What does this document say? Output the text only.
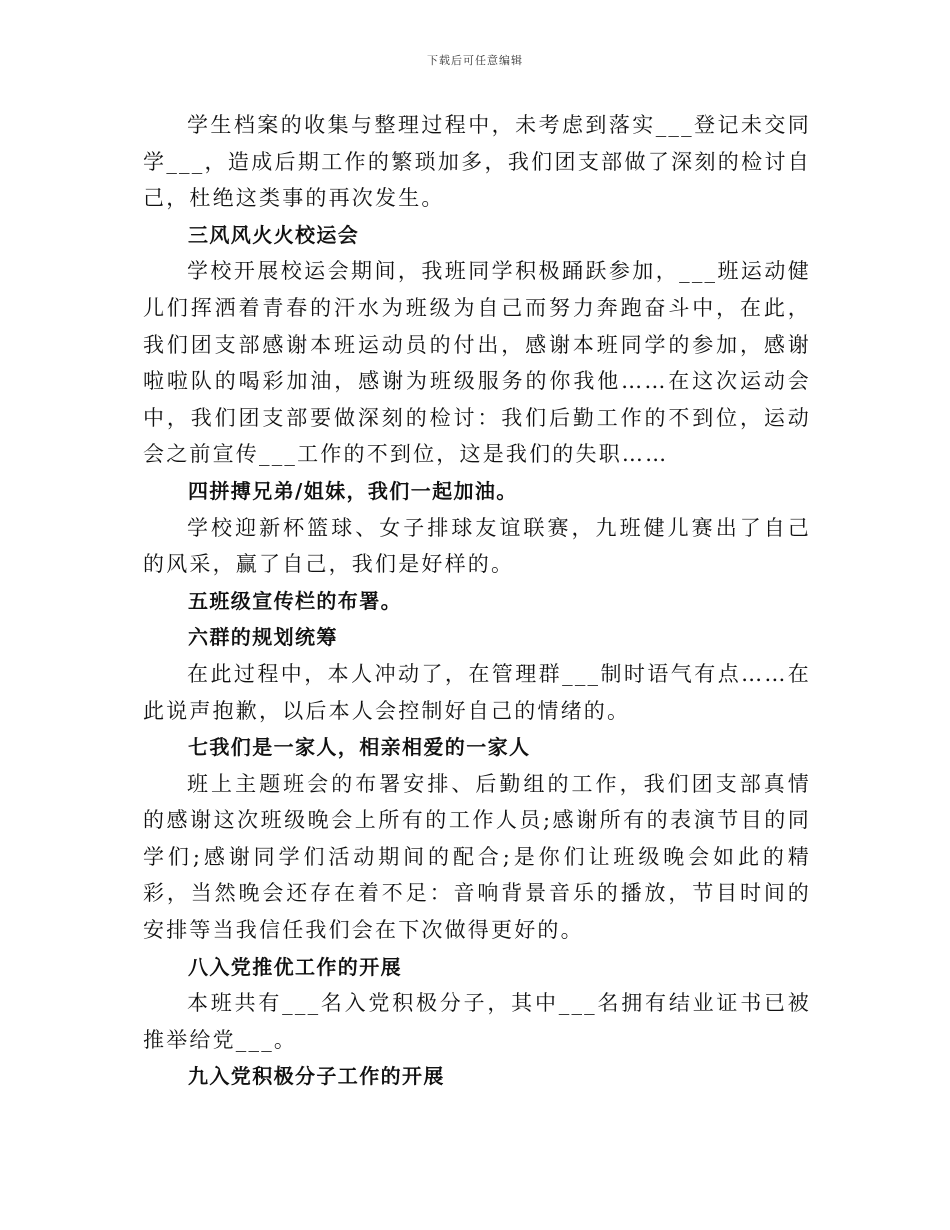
下载后可任意编辑

学生档案的收集与整理过程中，未考虑到落实___登记未交同学___，造成后期工作的繁琐加多，我们团支部做了深刻的检讨自己，杜绝这类事的再次发生。

三风风火火校运会

学校开展校运会期间，我班同学积极踊跃参加，___班运动健儿们挥洒着青春的汗水为班级为自己而努力奔跑奋斗中，在此，我们团支部感谢本班运动员的付出，感谢本班同学的参加，感谢啦啦队的喝彩加油，感谢为班级服务的你我他……在这次运动会中，我们团支部要做深刻的检讨：我们后勤工作的不到位，运动会之前宣传___工作的不到位，这是我们的失职……

四拼搏兄弟/姐妹，我们一起加油。

学校迎新杯篮球、女子排球友谊联赛，九班健儿赛出了自己的风采，赢了自己，我们是好样的。

五班级宣传栏的布署。

六群的规划统筹

在此过程中，本人冲动了，在管理群___制时语气有点……在此说声抱歉，以后本人会控制好自己的情绪的。

七我们是一家人，相亲相爱的一家人

班上主题班会的布署安排、后勤组的工作，我们团支部真情的感谢这次班级晚会上所有的工作人员;感谢所有的表演节目的同学们;感谢同学们活动期间的配合;是你们让班级晚会如此的精彩，当然晚会还存在着不足：音响背景音乐的播放，节目时间的安排等当我信任我们会在下次做得更好的。

八入党推优工作的开展

本班共有___名入党积极分子，其中___名拥有结业证书已被推举给党___。

九入党积极分子工作的开展
